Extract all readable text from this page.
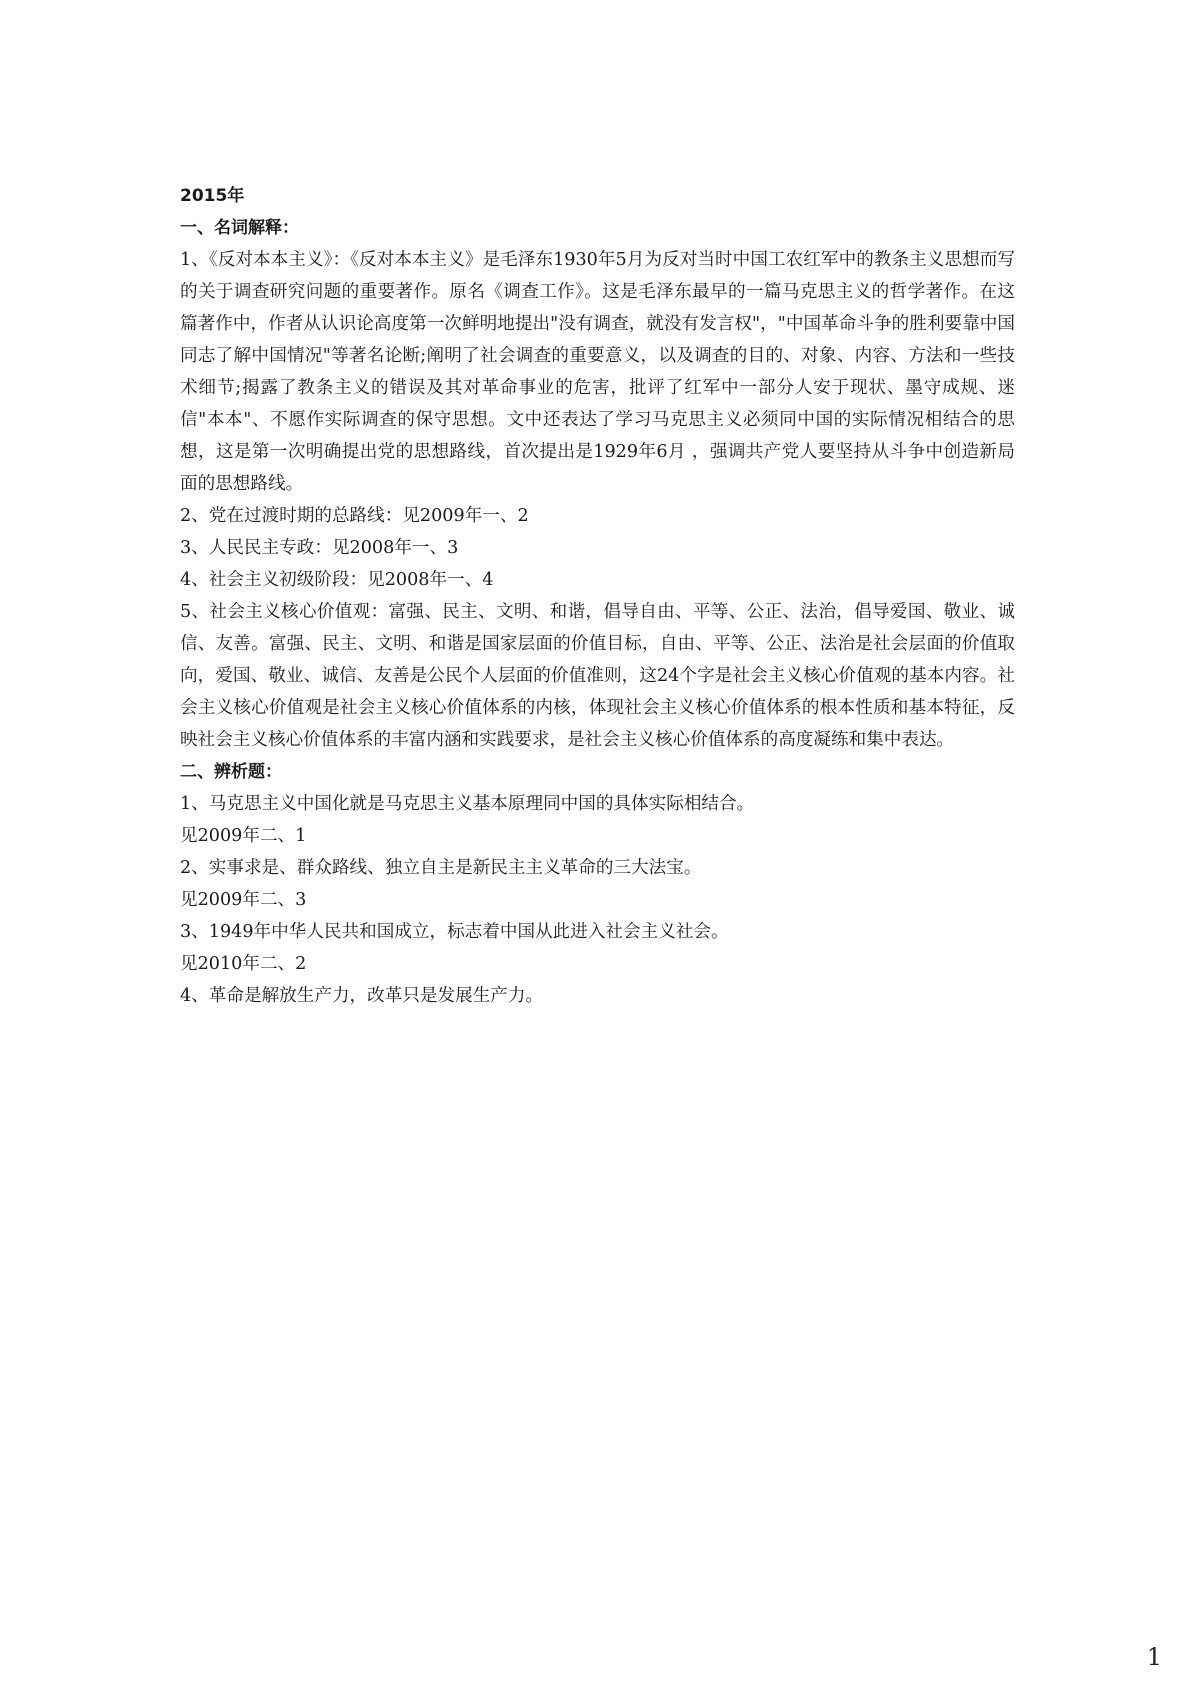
2015年
一、名词解释：

1、《反对本本主义》：《反对本本主义》是毛泽东1930年5月为反对当时中国工农红军中的教条主义思想而写的关于调查研究问题的重要著作。原名《调查工作》。这是毛泽东最早的一篇马克思主义的哲学著作。在这篇著作中，作者从认识论高度第一次鲜明地提出"没有调查，就没有发言权"，"中国革命斗争的胜利要靠中国同志了解中国情况"等著名论断;阐明了社会调查的重要意义，以及调查的目的、对象、内容、方法和一些技术细节;揭露了教条主义的错误及其对革命事业的危害，批评了红军中一部分人安于现状、墨守成规、迷信"本本"、不愿作实际调查的保守思想。文中还表达了学习马克思主义必须同中国的实际情况相结合的思想，这是第一次明确提出党的思想路线，首次提出是1929年6月 ，强调共产党人要坚持从斗争中创造新局面的思想路线。

2、党在过渡时期的总路线：见2009年一、2

3、人民民主专政：见2008年一、3

4、社会主义初级阶段：见2008年一、4

5、社会主义核心价值观：富强、民主、文明、和谐，倡导自由、平等、公正、法治，倡导爱国、敬业、诚信、友善。富强、民主、文明、和谐是国家层面的价值目标，自由、平等、公正、法治是社会层面的价值取向，爱国、敬业、诚信、友善是公民个人层面的价值准则，这24个字是社会主义核心价值观的基本内容。社会主义核心价值观是社会主义核心价值体系的内核，体现社会主义核心价值体系的根本性质和基本特征，反映社会主义核心价值体系的丰富内涵和实践要求，是社会主义核心价值体系的高度凝练和集中表达。

二、辨析题：

1、马克思主义中国化就是马克思主义基本原理同中国的具体实际相结合。

见2009年二、1

2、实事求是、群众路线、独立自主是新民主主义革命的三大法宝。

见2009年二、3

3、1949年中华人民共和国成立，标志着中国从此进入社会主义社会。

见2010年二、2

4、革命是解放生产力，改革只是发展生产力。

1
